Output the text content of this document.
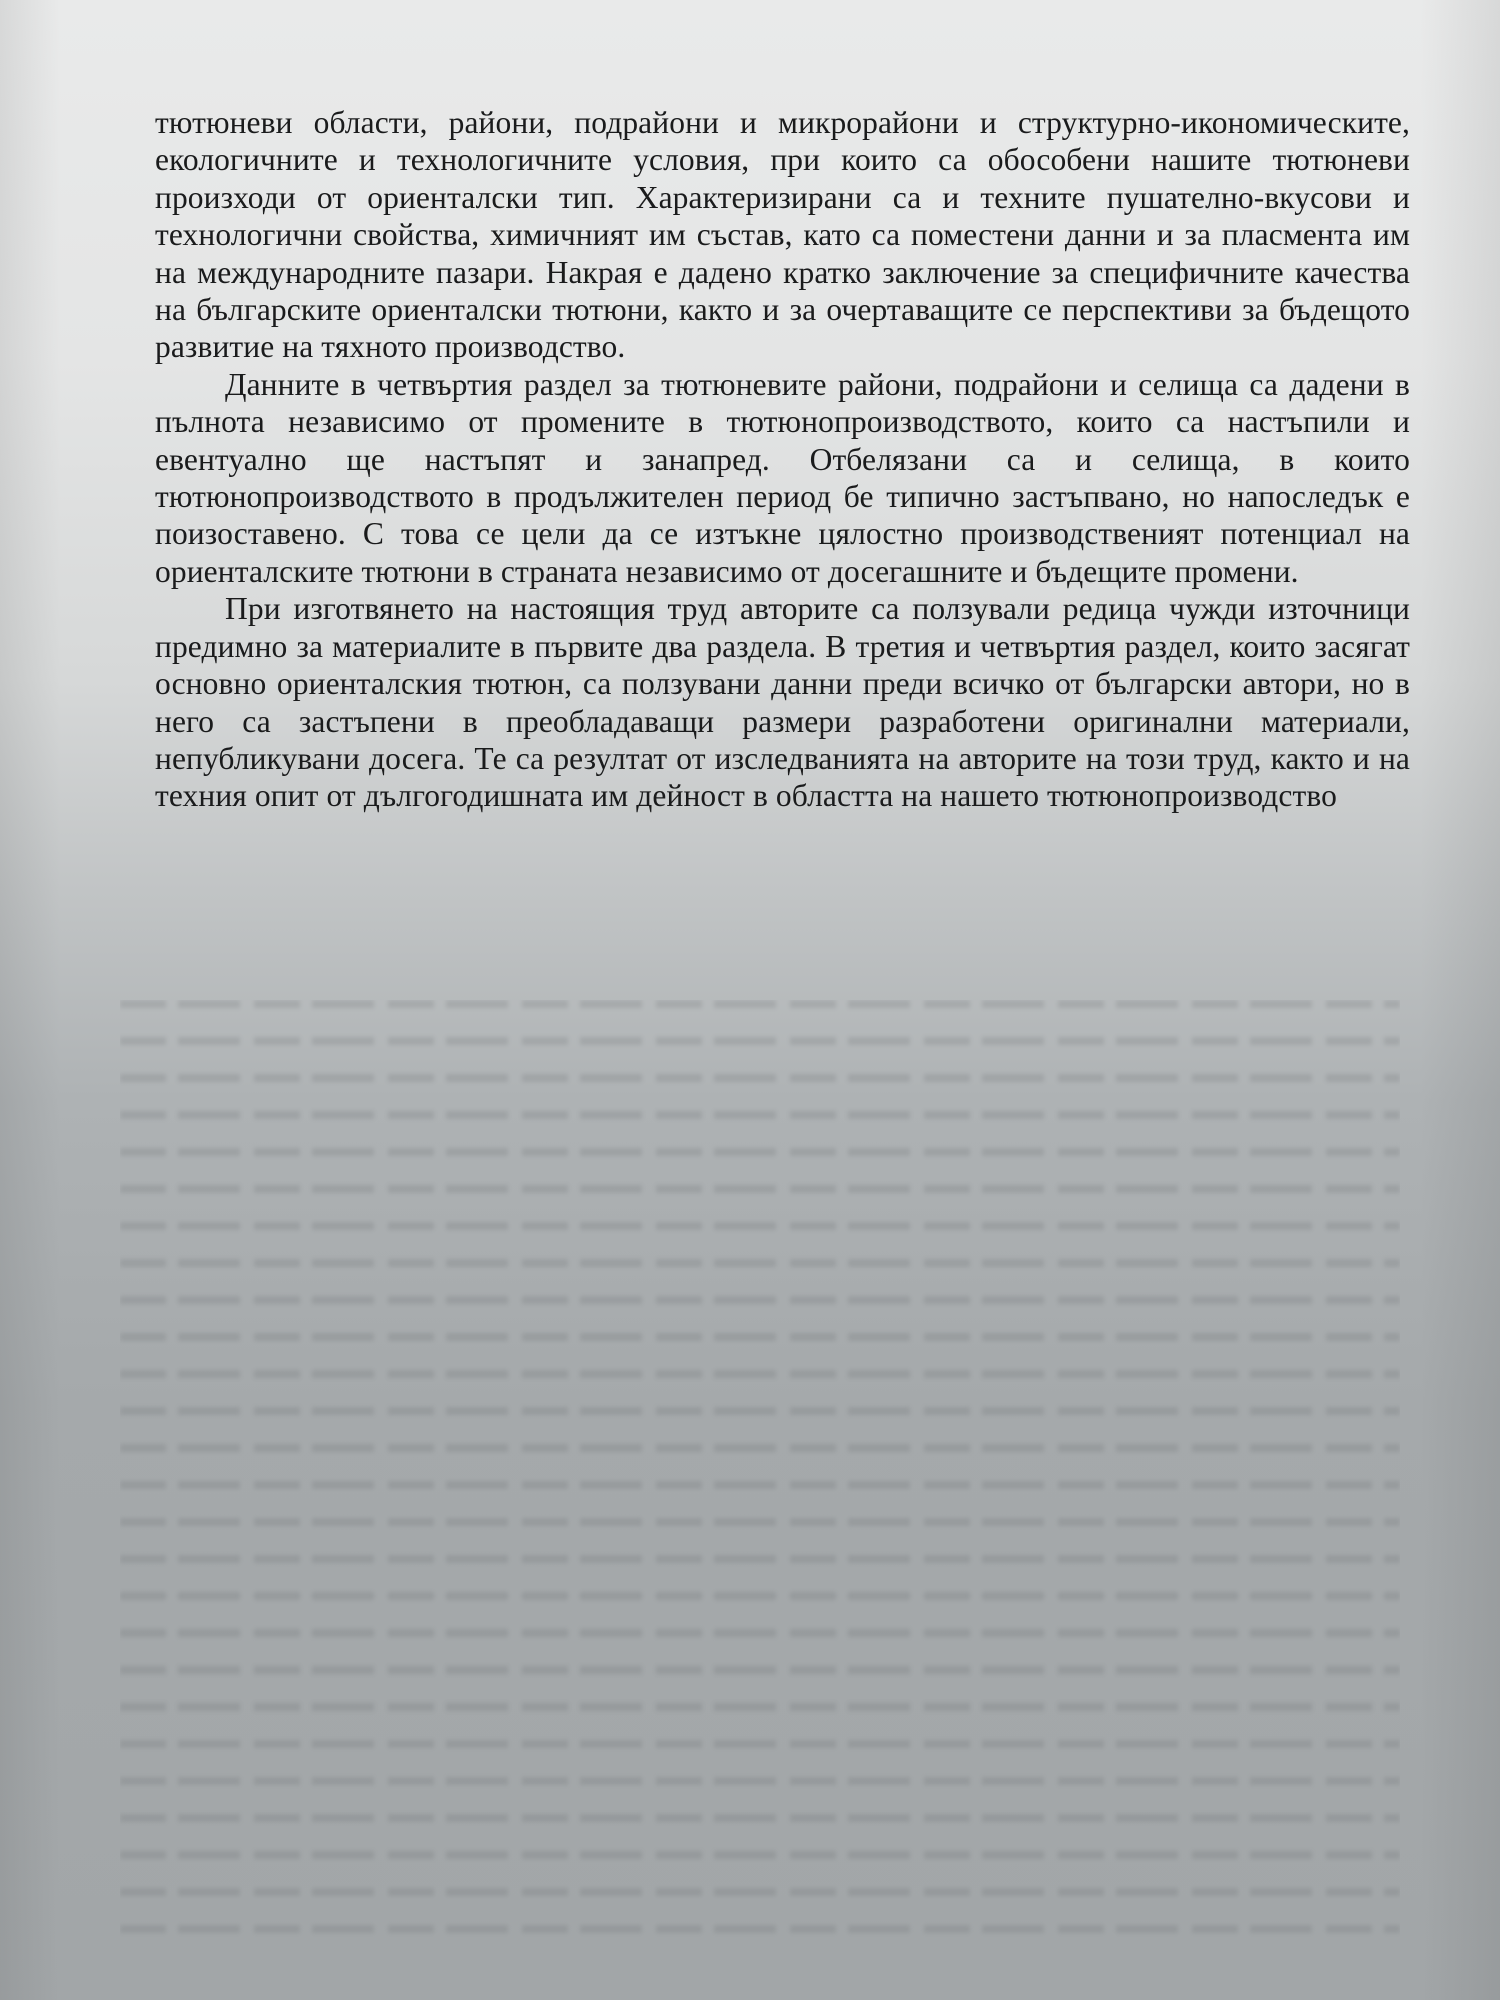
тютюневи области, райони, подрайони и микрорайони и структурно-икономическите, екологичните и технологичните условия, при които са обособени нашите тютюневи произходи от ориенталски тип. Характеризирани са и техните пушателно-вкусови и технологични свойства, химичният им състав, като са поместени данни и за пласмента им на международните пазари. Накрая е дадено кратко заключение за специфичните качества на българските ориенталски тютюни, както и за очертаващите се перспективи за бъдещото развитие на тяхното производство.

Данните в четвъртия раздел за тютюневите райони, подрайони и селища са дадени в пълнота независимо от промените в тютюнопроизводството, които са настъпили и евентуално ще настъпят и занапред. Отбелязани са и селища, в които тютюнопроизводството в продължителен период бе типично застъпвано, но напоследък е поизоставено. С това се цели да се изтъкне цялостно производственият потенциал на ориенталските тютюни в страната независимо от досегашните и бъдещите промени.

При изготвянето на настоящия труд авторите са ползували редица чужди източници предимно за материалите в първите два раздела. В третия и четвъртия раздел, които засягат основно ориенталския тютюн, са ползувани данни преди всичко от български автори, но в него са застъпени в преобладаващи размери разработени оригинални материали, непубликувани досега. Те са резултат от изследванията на авторите на този труд, както и на техния опит от дългогодишната им дейност в областта на нашето тютюнопроизводство
